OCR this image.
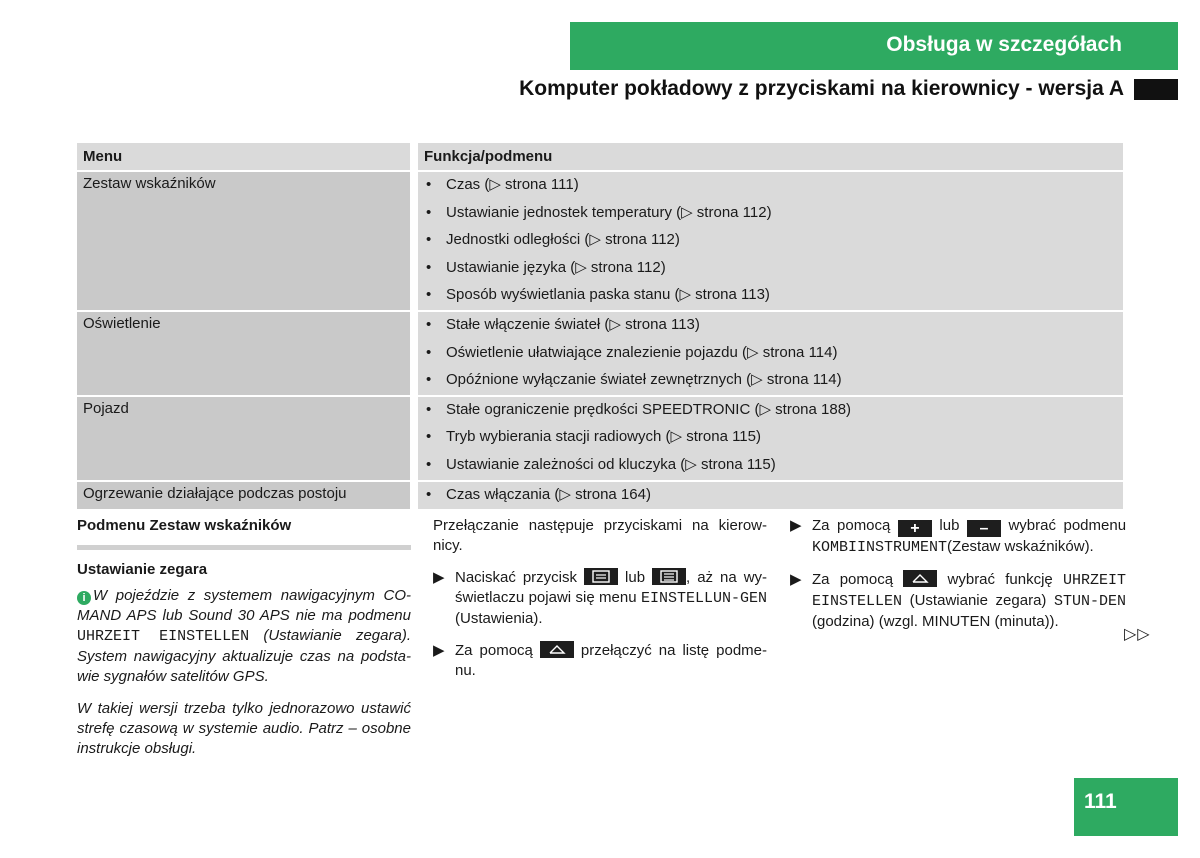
Obsługa w szczegółach
Komputer pokładowy z przyciskami na kierownicy - wersja A
Menu	Funkcja/podmenu
Zestaw wskaźników	• Czas (▷ strona 111)
• Ustawianie jednostek temperatury (▷ strona 112)
• Jednostki odległości (▷ strona 112)
• Ustawianie języka (▷ strona 112)
• Sposób wyświetlania paska stanu (▷ strona 113)

Oświetlenie	• Stałe włączenie świateł (▷ strona 113)
• Oświetlenie ułatwiające znalezienie pojazdu (▷ strona 114)
• Opóźnione wyłączanie świateł zewnętrznych (▷ strona 114)

Pojazd	• Stałe ograniczenie prędkości SPEEDTRONIC (▷ strona 188)
• Tryb wybierania stacji radiowych (▷ strona 115)
• Ustawianie zależności od kluczyka (▷ strona 115)

Ogrzewanie działające podczas postoju	• Czas włączania (▷ strona 164)
Podmenu Zestaw wskaźników
Ustawianie zegara

i W pojeździe z systemem nawigacyjnym CO-MAND APS lub Sound 30 APS nie ma podmenu UHRZEIT EINSTELLEN (Ustawianie zegara). System nawigacyjny aktualizuje czas na podsta-wie sygnałów satelitów GPS.

W takiej wersji trzeba tylko jednorazowo ustawić strefę czasową w systemie audio. Patrz – osobne instrukcje obsługi.

Przełączanie następuje przyciskami na kierow-nicy.

▶ Naciskać przycisk	lub	, aż na wy-świetlaczu pojawi się menu EINSTELLUN-GEN (Ustawienia).
▶ Za pomocą	przełączyć na listę podme-nu.
▶ Za pomocą + lub – wybrać podmenu KOMBIINSTRUMENT(Zestaw wskaźników).
▶ Za pomocą	wybrać funkcję UHRZEIT EINSTELLEN (Ustawianie zegara) STUN-DEN (godzina) (wzgl. MINUTEN (minuta)).
▷▷
111
